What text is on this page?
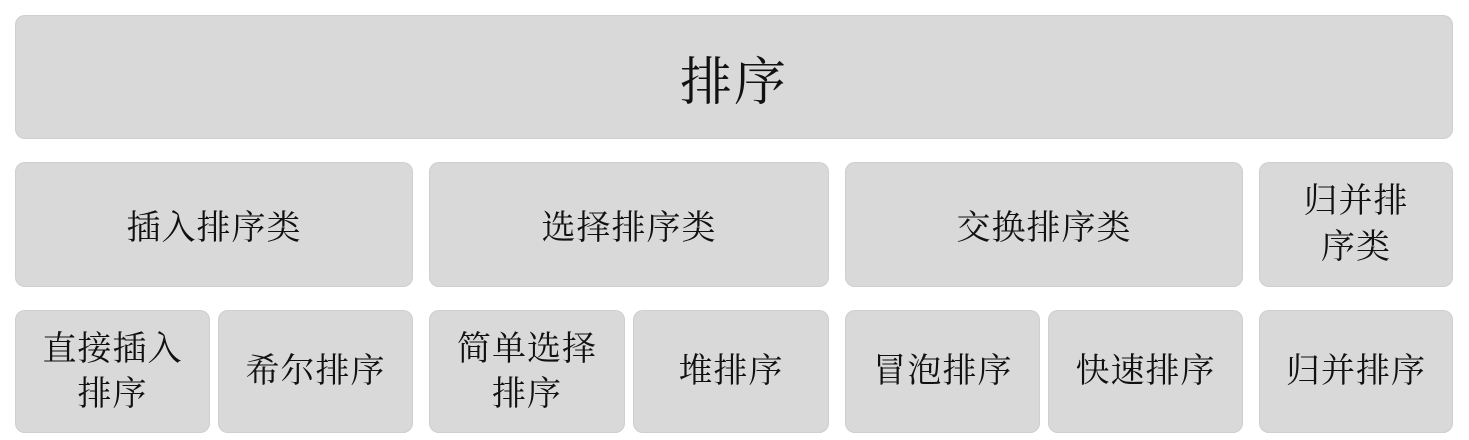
排序
插入排序类	选择排序类	交换排序类
归并排
序类
直接插入
排序
希尔排序
简单选择
排序
堆排序	冒泡排序 快速排序 归并排序
